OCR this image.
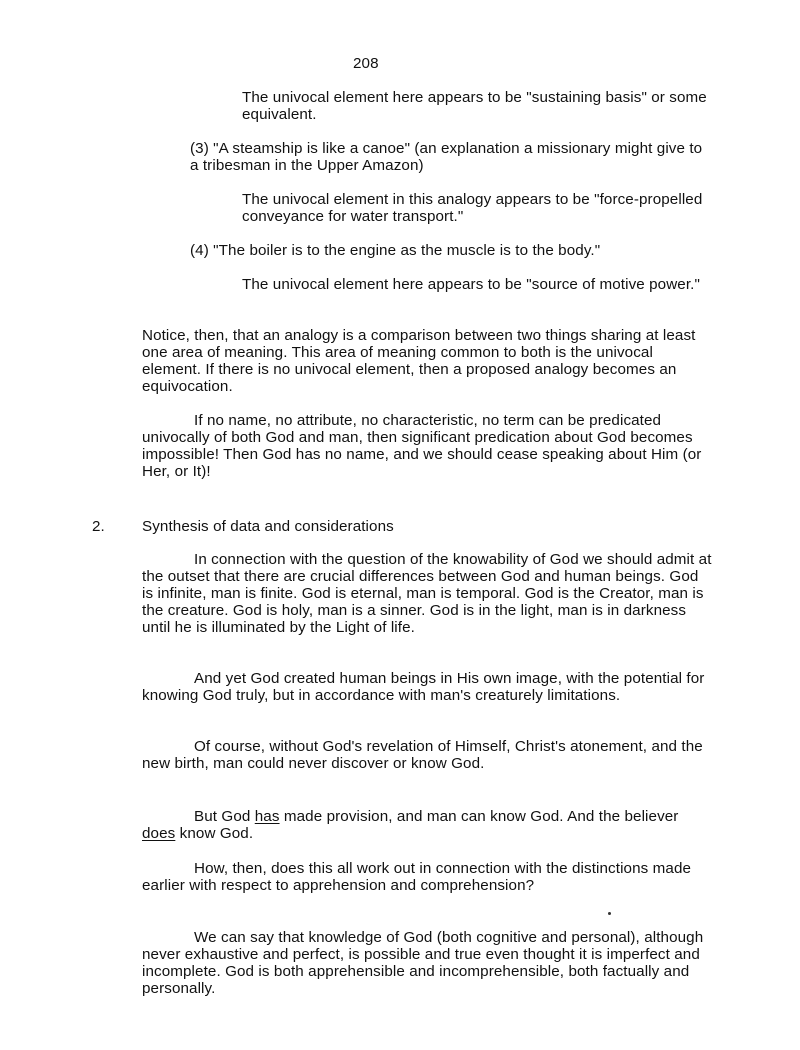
208

The univocal element here appears to be "sustaining basis" or some equivalent.

(3) "A steamship is like a canoe" (an explanation a missionary might give to a tribesman in the Upper Amazon)

The univocal element in this analogy appears to be "force-propelled conveyance for water transport."

(4) "The boiler is to the engine as the muscle is to the body."

The univocal element here appears to be "source of motive power."

Notice, then, that an analogy is a comparison between two things sharing at least one area of meaning. This area of meaning common to both is the univocal element. If there is no univocal element, then a proposed analogy becomes an equivocation.

If no name, no attribute, no characteristic, no term can be predicated univocally of both God and man, then significant predication about God becomes impossible! Then God has no name, and we should cease speaking about Him (or Her, or It)!

2.	Synthesis of data and considerations

In connection with the question of the knowability of God we should admit at the outset that there are crucial differences between God and human beings. God is infinite, man is finite. God is eternal, man is temporal. God is the Creator, man is the creature. God is holy, man is a sinner. God is in the light, man is in darkness until he is illuminated by the Light of life.

And yet God created human beings in His own image, with the potential for knowing God truly, but in accordance with man's creaturely limitations.

Of course, without God's revelation of Himself, Christ's atonement, and the new birth, man could never discover or know God.

But God has made provision, and man can know God. And the believer does know God.

How, then, does this all work out in connection with the distinctions made earlier with respect to apprehension and comprehension?

We can say that knowledge of God (both cognitive and personal), although never exhaustive and perfect, is possible and true even thought it is imperfect and incomplete. God is both apprehensible and incomprehensible, both factually and personally.
